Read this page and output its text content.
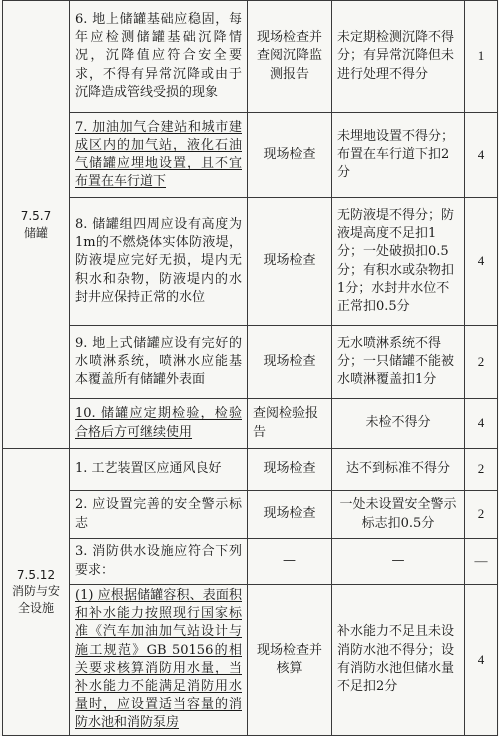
7.5.7
储罐	6. 地上储罐基础应稳固，每年应检测储罐基础沉降情况，沉降值应符合安全要求，不得有异常沉降或由于沉降造成管线受损的现象	现场检查并查阅沉降监测报告	未定期检测沉降不得分；有异常沉降但未进行处理不得分	1
	7. 加油加气合建站和城市建成区内的加气站，液化石油气储罐应埋地设置，且不宜布置在车行道下	现场检查	未埋地设置不得分；布置在车行道下扣2分	4
	8. 储罐组四周应设有高度为1m的不燃烧体实体防液堤，防液堤应完好无损，堤内无积水和杂物，防液堤内的水封井应保持正常的水位	现场检查	无防液堤不得分；防液堤高度不足扣1分；一处破损扣0.5分；有积水或杂物扣1分；水封井水位不正常扣0.5分	4
	9. 地上式储罐应设有完好的水喷淋系统，喷淋水应能基本覆盖所有储罐外表面	现场检查	无水喷淋系统不得分；一只储罐不能被水喷淋覆盖扣1分	2
	10. 储罐应定期检验，检验合格后方可继续使用	查阅检验报告	未检不得分	4

7.5.12
消防与安
全设施	1. 工艺装置区应通风良好	现场检查	达不到标准不得分	2
	2. 应设置完善的安全警示标志	现场检查	一处未设置安全警示标志扣0.5分	2
	3. 消防供水设施应符合下列要求：	—	—	—
	(1) 应根据储罐容积、表面积和补水能力按照现行国家标准《汽车加油加气站设计与施工规范》GB 50156的相关要求核算消防用水量，当补水能力不能满足消防用水量时，应设置适当容量的消防水池和消防泵房	现场检查并核算	补水能力不足且未设消防水池不得分；设有消防水池但储水量不足扣2分	4
